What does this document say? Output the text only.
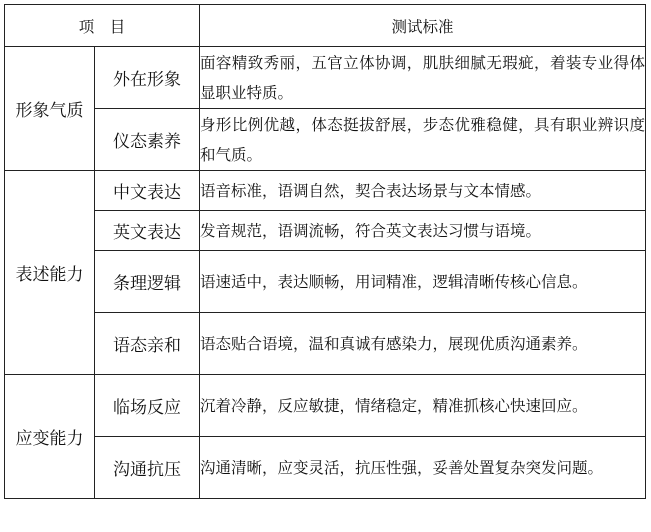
项　目		测试标准
形象气质	外在形象	面容精致秀丽，五官立体协调，肌肤细腻无瑕疵，着装专业得体显职业特质。
	仪态素养	身形比例优越，体态挺拔舒展，步态优雅稳健，具有职业辨识度和气质。
表述能力	中文表达	语音标准，语调自然，契合表达场景与文本情感。
	英文表达	发音规范，语调流畅，符合英文表达习惯与语境。
	条理逻辑	语速适中，表达顺畅，用词精准，逻辑清晰传核心信息。
	语态亲和	语态贴合语境，温和真诚有感染力，展现优质沟通素养。
应变能力	临场反应	沉着冷静，反应敏捷，情绪稳定，精准抓核心快速回应。
	沟通抗压	沟通清晰，应变灵活，抗压性强，妥善处置复杂突发问题。
